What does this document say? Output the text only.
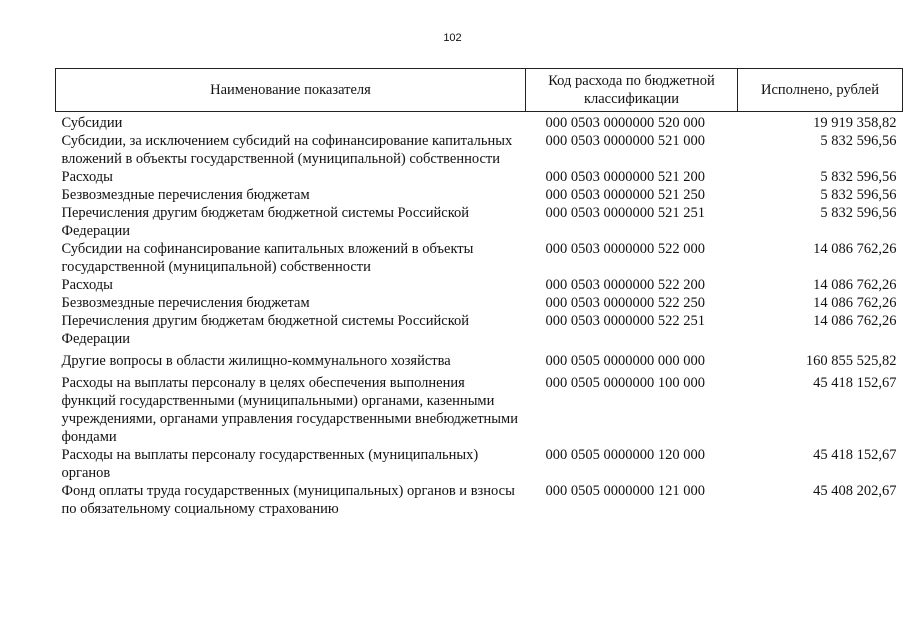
102
Наименование показателя	Код расхода по бюджетной классификации	Исполнено, рублей
Субсидии	000 0503 0000000 520 000	19 919 358,82
Субсидии, за исключением субсидий на софинансирование капитальных вложений в объекты государственной (муниципальной) собственности	000 0503 0000000 521 000	5 832 596,56
Расходы	000 0503 0000000 521 200	5 832 596,56
Безвозмездные перечисления бюджетам	000 0503 0000000 521 250	5 832 596,56
Перечисления другим бюджетам бюджетной системы Российской Федерации	000 0503 0000000 521 251	5 832 596,56
Субсидии на софинансирование капитальных вложений в объекты государственной (муниципальной) собственности	000 0503 0000000 522 000	14 086 762,26
Расходы	000 0503 0000000 522 200	14 086 762,26
Безвозмездные перечисления бюджетам	000 0503 0000000 522 250	14 086 762,26
Перечисления другим бюджетам бюджетной системы Российской Федерации	000 0503 0000000 522 251	14 086 762,26
Другие вопросы в области жилищно-коммунального хозяйства	000 0505 0000000 000 000	160 855 525,82
Расходы на выплаты персоналу в целях обеспечения выполнения функций государственными (муниципальными) органами, казенными учреждениями, органами управления государственными внебюджетными фондами	000 0505 0000000 100 000	45 418 152,67
Расходы на выплаты персоналу государственных (муниципальных) органов	000 0505 0000000 120 000	45 418 152,67
Фонд оплаты труда государственных (муниципальных) органов и взносы по обязательному социальному страхованию	000 0505 0000000 121 000	45 408 202,67
